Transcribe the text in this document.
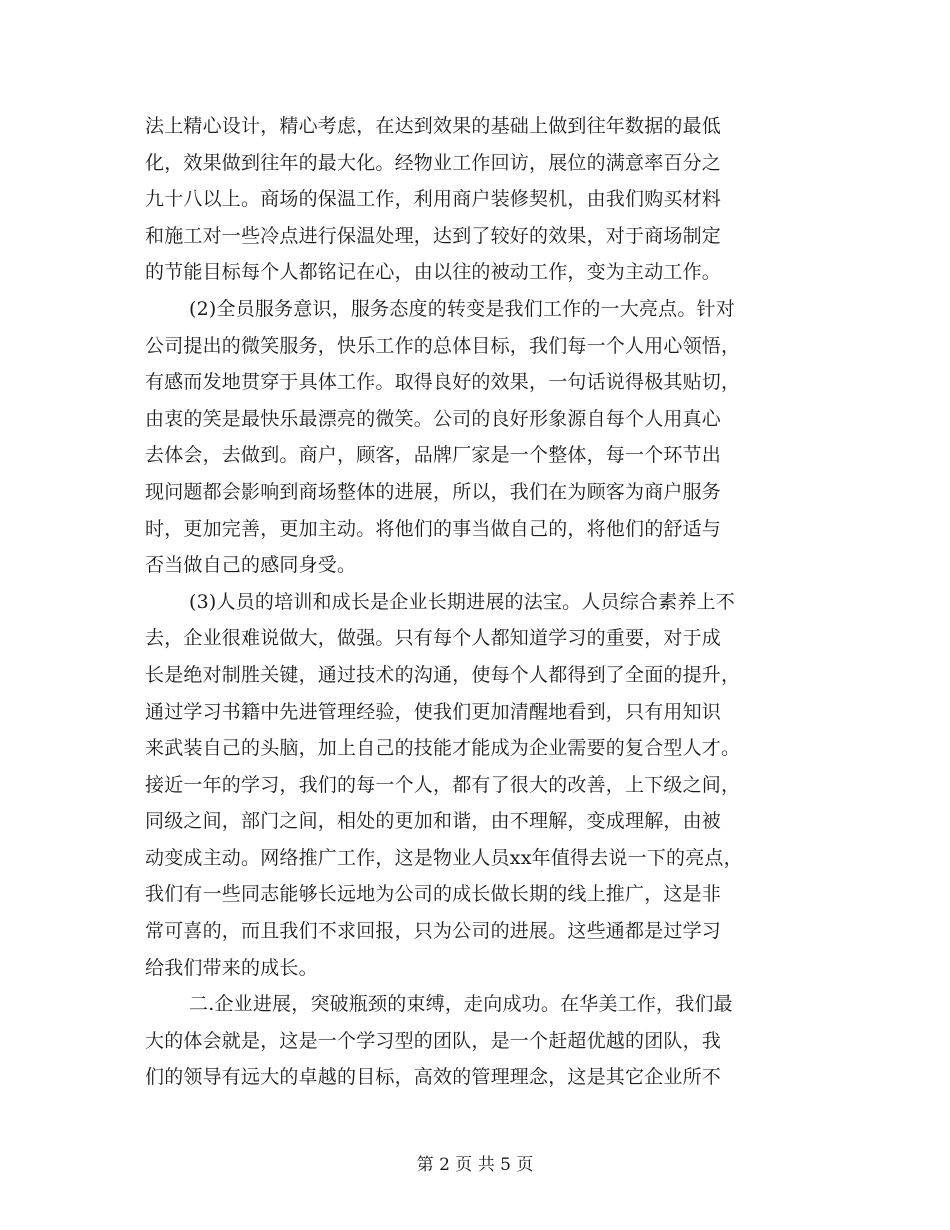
法上精心设计，精心考虑，在达到效果的基础上做到往年数据的最低
化，效果做到往年的最大化。经物业工作回访，展位的满意率百分之
九十八以上。商场的保温工作，利用商户装修契机，由我们购买材料
和施工对一些冷点进行保温处理，达到了较好的效果，对于商场制定
的节能目标每个人都铭记在心，由以往的被动工作，变为主动工作。
(2)全员服务意识，服务态度的转变是我们工作的一大亮点。针对
公司提出的微笑服务，快乐工作的总体目标，我们每一个人用心领悟，
有感而发地贯穿于具体工作。取得良好的效果，一句话说得极其贴切，
由衷的笑是最快乐最漂亮的微笑。公司的良好形象源自每个人用真心
去体会，去做到。商户，顾客，品牌厂家是一个整体，每一个环节出
现问题都会影响到商场整体的进展，所以，我们在为顾客为商户服务
时，更加完善，更加主动。将他们的事当做自己的，将他们的舒适与
否当做自己的感同身受。
(3)人员的培训和成长是企业长期进展的法宝。人员综合素养上不
去，企业很难说做大，做强。只有每个人都知道学习的重要，对于成
长是绝对制胜关键，通过技术的沟通，使每个人都得到了全面的提升，
通过学习书籍中先进管理经验，使我们更加清醒地看到，只有用知识
来武装自己的头脑，加上自己的技能才能成为企业需要的复合型人才。
接近一年的学习，我们的每一个人，都有了很大的改善，上下级之间，
同级之间，部门之间，相处的更加和谐，由不理解，变成理解，由被
动变成主动。网络推广工作，这是物业人员xx年值得去说一下的亮点，
我们有一些同志能够长远地为公司的成长做长期的线上推广，这是非
常可喜的，而且我们不求回报，只为公司的进展。这些通都是过学习
给我们带来的成长。
二.企业进展，突破瓶颈的束缚，走向成功。在华美工作，我们最
大的体会就是，这是一个学习型的团队，是一个赶超优越的团队，我
们的领导有远大的卓越的目标，高效的管理理念，这是其它企业所不
第 2 页 共 5 页
